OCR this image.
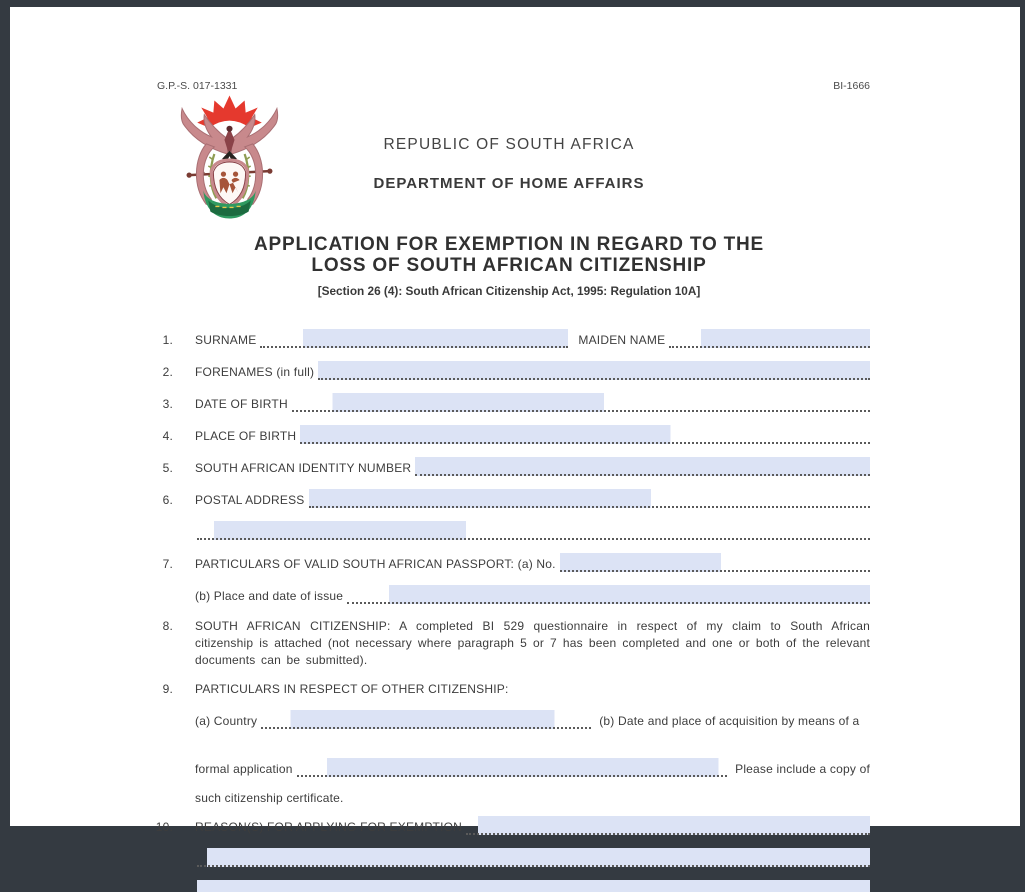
G.P.-S. 017-1331	BI-1666
REPUBLIC OF SOUTH AFRICA
DEPARTMENT OF HOME AFFAIRS
APPLICATION FOR EXEMPTION IN REGARD TO THE
LOSS OF SOUTH AFRICAN CITIZENSHIP
[Section 26 (4): South African Citizenship Act, 1995: Regulation 10A]
1. SURNAME	MAIDEN NAME
2. FORENAMES (in full)
3. DATE OF BIRTH
4. PLACE OF BIRTH
5. SOUTH AFRICAN IDENTITY NUMBER
6. POSTAL ADDRESS
7. PARTICULARS OF VALID SOUTH AFRICAN PASSPORT: (a) No.
(b) Place and date of issue
8. SOUTH AFRICAN CITIZENSHIP: A completed BI 529 questionnaire in respect of my claim to South African citizenship is attached (not necessary where paragraph 5 or 7 has been completed and one or both of the relevant documents can be submitted).

9. PARTICULARS IN RESPECT OF OTHER CITIZENSHIP:
(a) Country	(b) Date and place of acquisition by means of a
formal application	Please include a copy of
such citizenship certificate.
10. REASON(S) FOR APPLYING FOR EXEMPTION
